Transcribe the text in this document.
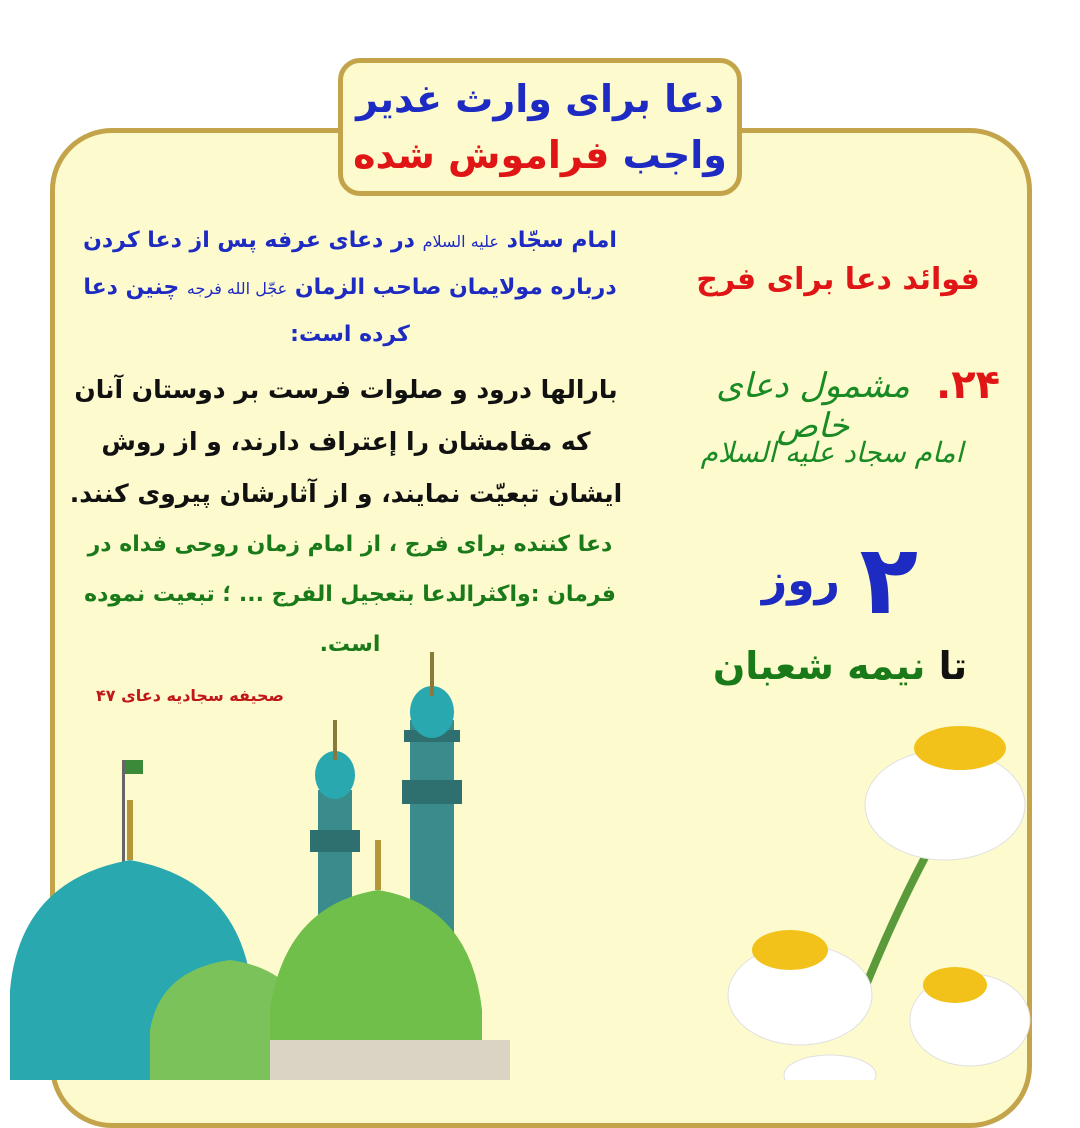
دعا برای وارث غدیر
واجب فراموش شده
امام سجّاد علیه السلام در دعای عرفه پس از دعا کردن درباره مولایمان صاحب الزمان عجّل الله فرجه چنین دعا کرده است:
بارالها درود و صلوات فرست بر دوستان آنان که مقامشان را إعتراف دارند، و از روش ایشان تبعیّت نمایند، و از آثارشان پیروی کنند.
دعا کننده برای فرج ، از امام زمان روحی فداه در فرمان :واکثرالدعا بتعجیل الفرج ... ؛ تبعیت نموده است.
صحیفه سجادیه دعای ۴۷
فوائد دعا برای فرج
۲۴.
مشمول دعای خاص
امام سجاد علیه السلام
۲ روز
تا نیمه شعبان
